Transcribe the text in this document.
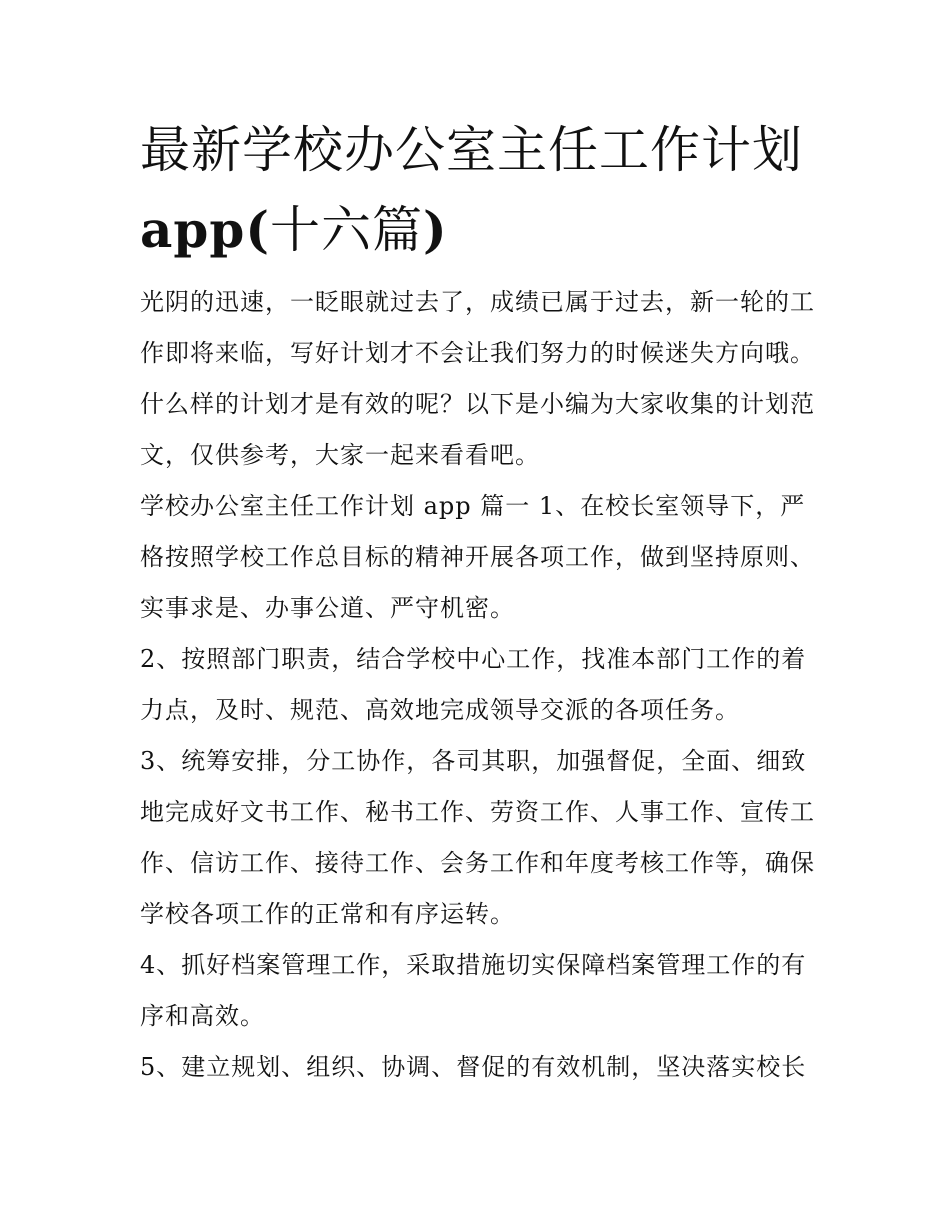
最新学校办公室主任工作计划
app(十六篇)

光阴的迅速，一眨眼就过去了，成绩已属于过去，新一轮的工作即将来临，写好计划才不会让我们努力的时候迷失方向哦。什么样的计划才是有效的呢？以下是小编为大家收集的计划范文，仅供参考，大家一起来看看吧。

学校办公室主任工作计划 app 篇一 1、在校长室领导下，严格按照学校工作总目标的精神开展各项工作，做到坚持原则、实事求是、办事公道、严守机密。

2、按照部门职责，结合学校中心工作，找准本部门工作的着力点，及时、规范、高效地完成领导交派的各项任务。

3、统筹安排，分工协作，各司其职，加强督促，全面、细致地完成好文书工作、秘书工作、劳资工作、人事工作、宣传工作、信访工作、接待工作、会务工作和年度考核工作等，确保学校各项工作的正常和有序运转。

4、抓好档案管理工作，采取措施切实保障档案管理工作的有序和高效。

5、建立规划、组织、协调、督促的有效机制，坚决落实校长
